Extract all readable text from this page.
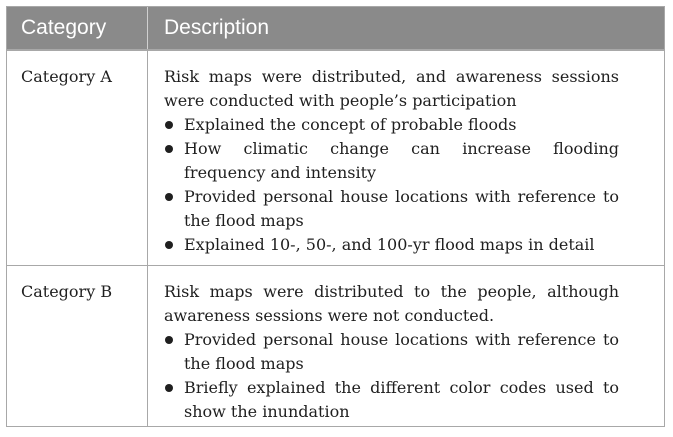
Category	Description
Category A	Risk maps were distributed, and awareness sessions were conducted with people’s participation
Explained the concept of probable floods
How climatic change can increase flooding frequency and intensity
Provided personal house locations with reference to the flood maps
Explained 10-, 50-, and 100-yr flood maps in detail
Category B	Risk maps were distributed to the people, although awareness sessions were not conducted.
Provided personal house locations with reference to the flood maps
Briefly explained the different color codes used to show the inundation
